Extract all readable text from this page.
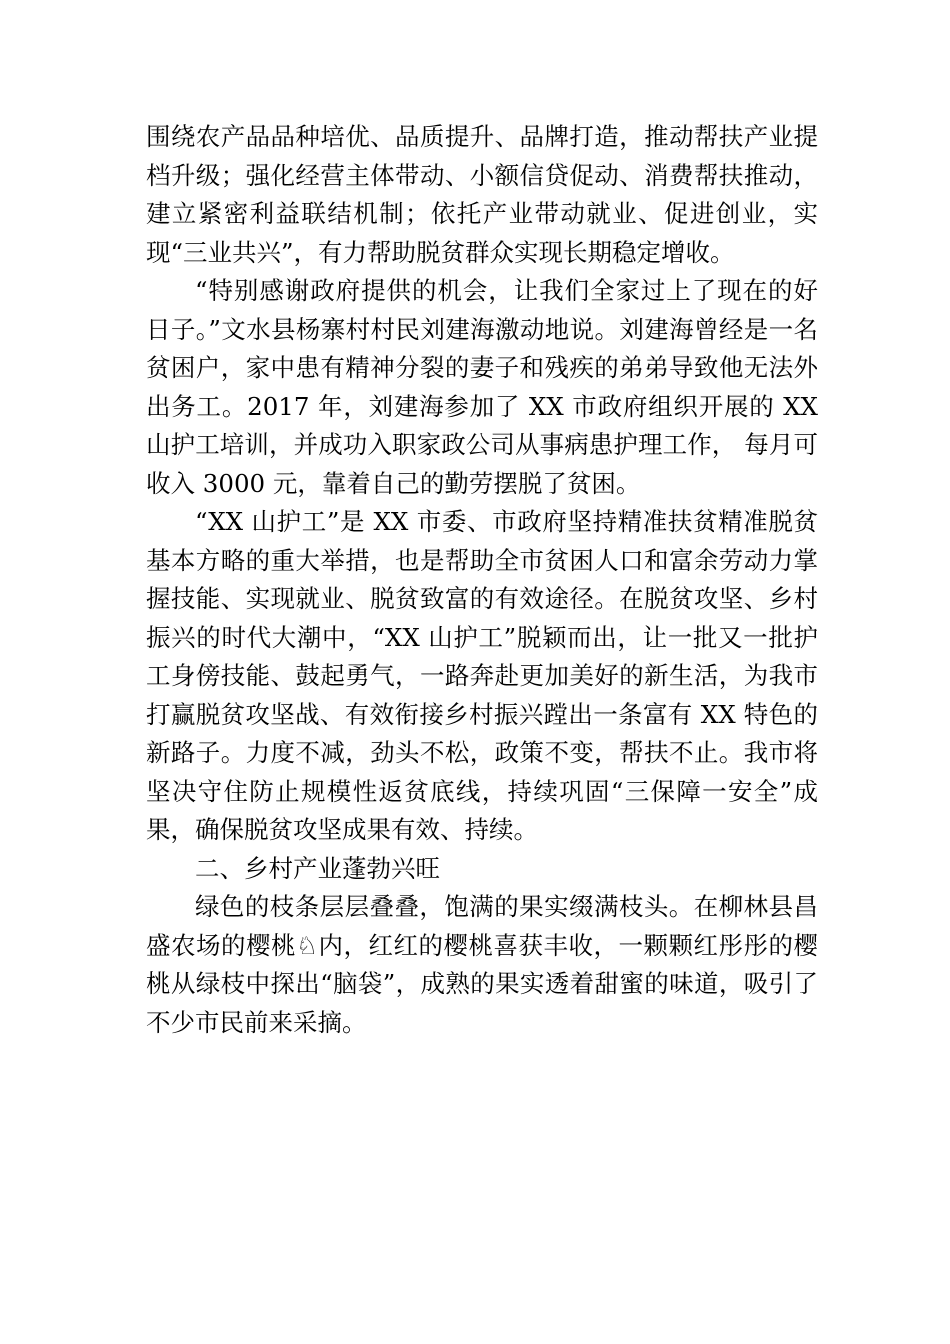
围绕农产品品种培优、品质提升、品牌打造，推动帮扶产业提档升级；强化经营主体带动、小额信贷促动、消费帮扶推动，建立紧密利益联结机制；依托产业带动就业、促进创业，实现“三业共兴”，有力帮助脱贫群众实现长期稳定增收。

“特别感谢政府提供的机会，让我们全家过上了现在的好日子。”文水县杨寨村村民刘建海激动地说。刘建海曾经是一名贫困户，家中患有精神分裂的妻子和残疾的弟弟导致他无法外出务工。2017 年，刘建海参加了 XX 市政府组织开展的 XX 山护工培训，并成功入职家政公司从事病患护理工作， 每月可收入 3000 元，靠着自己的勤劳摆脱了贫困。

“XX 山护工”是 XX 市委、市政府坚持精准扶贫精准脱贫基本方略的重大举措，也是帮助全市贫困人口和富余劳动力掌握技能、实现就业、脱贫致富的有效途径。在脱贫攻坚、乡村振兴的时代大潮中，“XX 山护工”脱颖而出，让一批又一批护工身傍技能、鼓起勇气，一路奔赴更加美好的新生活，为我市打赢脱贫攻坚战、有效衔接乡村振兴蹚出一条富有 XX 特色的新路子。力度不减，劲头不松，政策不变，帮扶不止。我市将坚决守住防止规模性返贫底线，持续巩固“三保障一安全”成果，确保脱贫攻坚成果有效、持续。

二、乡村产业蓬勃兴旺

绿色的枝条层层叠叠，饱满的果实缀满枝头。在柳林县昌盛农场的樱桃♘内，红红的樱桃喜获丰收，一颗颗红彤彤的樱桃从绿枝中探出“脑袋”，成熟的果实透着甜蜜的味道，吸引了不少市民前来采摘。
